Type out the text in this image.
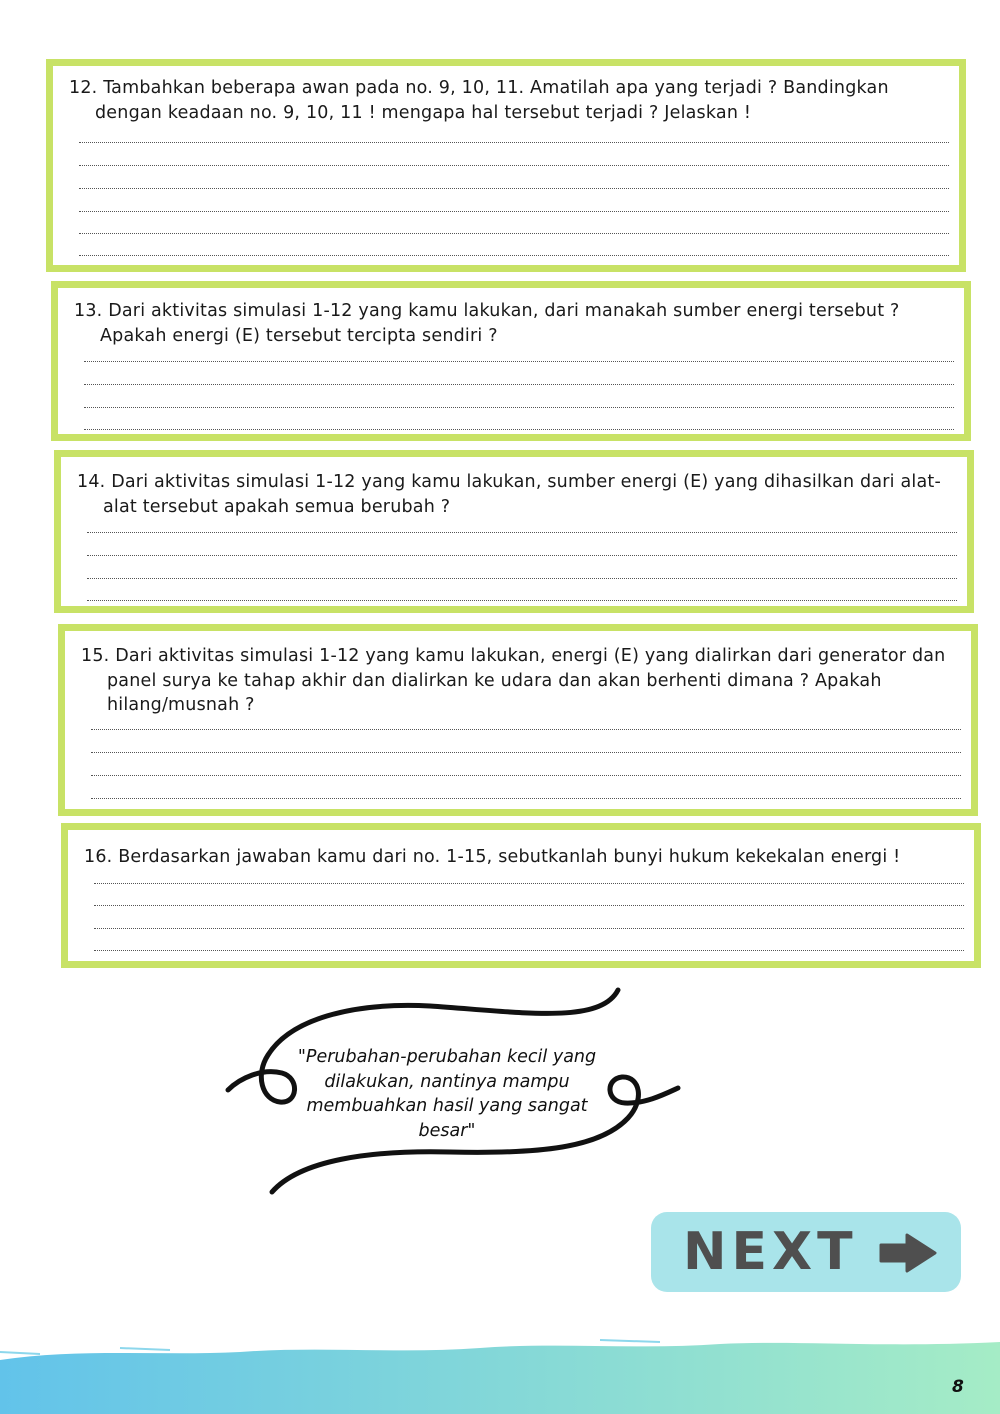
12. Tambahkan beberapa awan pada no. 9, 10, 11. Amatilah apa yang terjadi ? Bandingkan dengan keadaan no. 9, 10, 11 ! mengapa hal tersebut terjadi ? Jelaskan !
13. Dari aktivitas simulasi 1-12 yang kamu lakukan, dari manakah sumber energi tersebut ? Apakah energi (E) tersebut tercipta sendiri ?
14. Dari aktivitas simulasi 1-12 yang kamu lakukan, sumber energi (E) yang dihasilkan dari alat-alat tersebut apakah semua berubah ?
15. Dari aktivitas simulasi 1-12 yang kamu lakukan, energi (E) yang dialirkan dari generator dan panel surya ke tahap akhir dan dialirkan ke udara dan akan berhenti dimana ? Apakah hilang/musnah ?
16. Berdasarkan jawaban kamu dari no. 1-15, sebutkanlah bunyi hukum kekekalan energi !
"Perubahan-perubahan kecil yang dilakukan, nantinya mampu membuahkan hasil yang sangat besar"
NEXT
8
